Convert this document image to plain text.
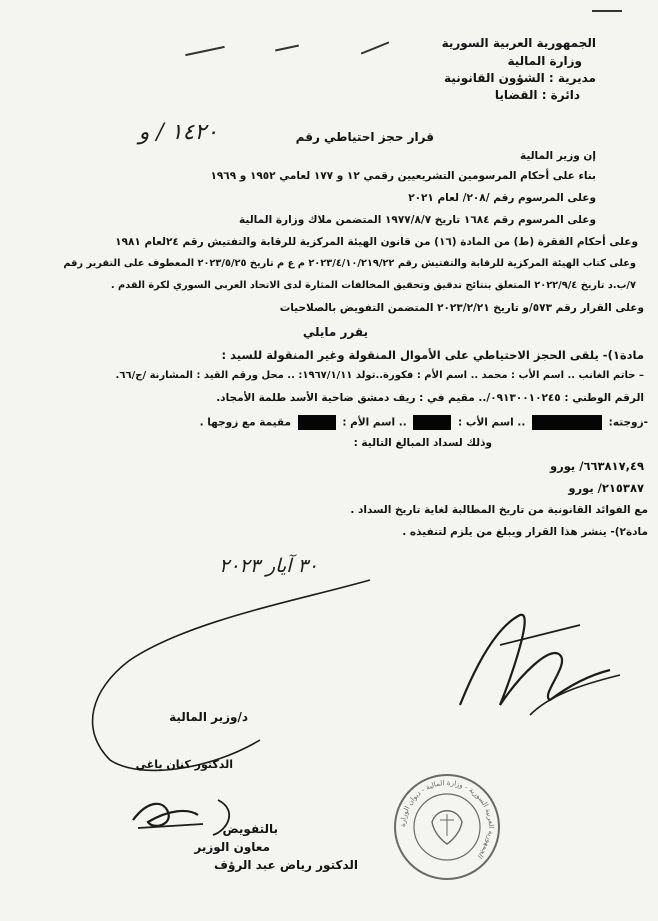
الجمهورية العربية السورية
وزارة المالية
مديرية : الشؤون القانونية
دائرة : القضايا
قرار حجز احتياطي رقم
١٤٢٠ / و
إن وزير المالية
بناء على أحكام المرسومين التشريعيين رقمي ١٢ و ١٧٧ لعامي ١٩٥٢ و ١٩٦٩
وعلى المرسوم رقم /٢٠٨/ لعام ٢٠٢١
وعلى المرسوم رقم ١٦٨٤ تاريخ ١٩٧٧/٨/٧ المتضمن ملاك وزارة المالية
وعلى أحكام الفقرة (ط) من المادة (١٦) من قانون الهيئة المركزية للرقابة والتفتيش رقم ٢٤لعام ١٩٨١
وعلى كتاب الهيئة المركزية للرقابة والتفتيش رقم ٢٠٢٣/٤/١٠/٢١٩/٢٢ م ع م تاريخ ٢٠٢٣/٥/٢٥ المعطوف على التقرير رقم
٧/ب.د تاريخ ٢٠٢٢/٩/٤ المتعلق بنتائج تدقيق وتحقيق المخالفات المثارة لدى الاتحاد العربي السوري لكرة القدم .
وعلى القرار رقم ٥٧٣/و تاريخ ٢٠٢٣/٢/٢١ المتضمن التفويض بالصلاحيات
يقرر مايلي
مادة١)- يلقى الحجز الاحتياطي على الأموال المنقولة وغير المنقولة للسيد :
– حاتم الغانب .. اسم الأب : محمد .. اسم الأم : فكورة..تولد ١٩٦٧/١/١١: .. محل ورقم القيد : المشارنة /ج/٦٦.
الرقم الوطني : ٠٩١٣٠٠١٠٢٤٥/.. مقيم في : ريف دمشق ضاحية الأسد طلمة الأمجاد.
-زوجته:  .. اسم الأب :  .. اسم الأم :  مقيمة مع زوجها .
وذلك لسداد المبالغ التالية :
٦٦٣٨١٧,٤٩/ يورو
٢١٥٣٨٧/ يورو
مع الفوائد القانونية من تاريخ المطالبة لغاية تاريخ السداد .
مادة٢)- ينشر هذا القرار ويبلغ من يلزم لتنفيذه .
٣٠ آيار ٢٠٢٣
د/وزير المالية
الدكتور كنان ياغي
بالتفويض
معاون الوزير
الدكتور رياض عبد الرؤف
الجمهورية العربية السورية - وزارة المالية - ديوان الوزارة
